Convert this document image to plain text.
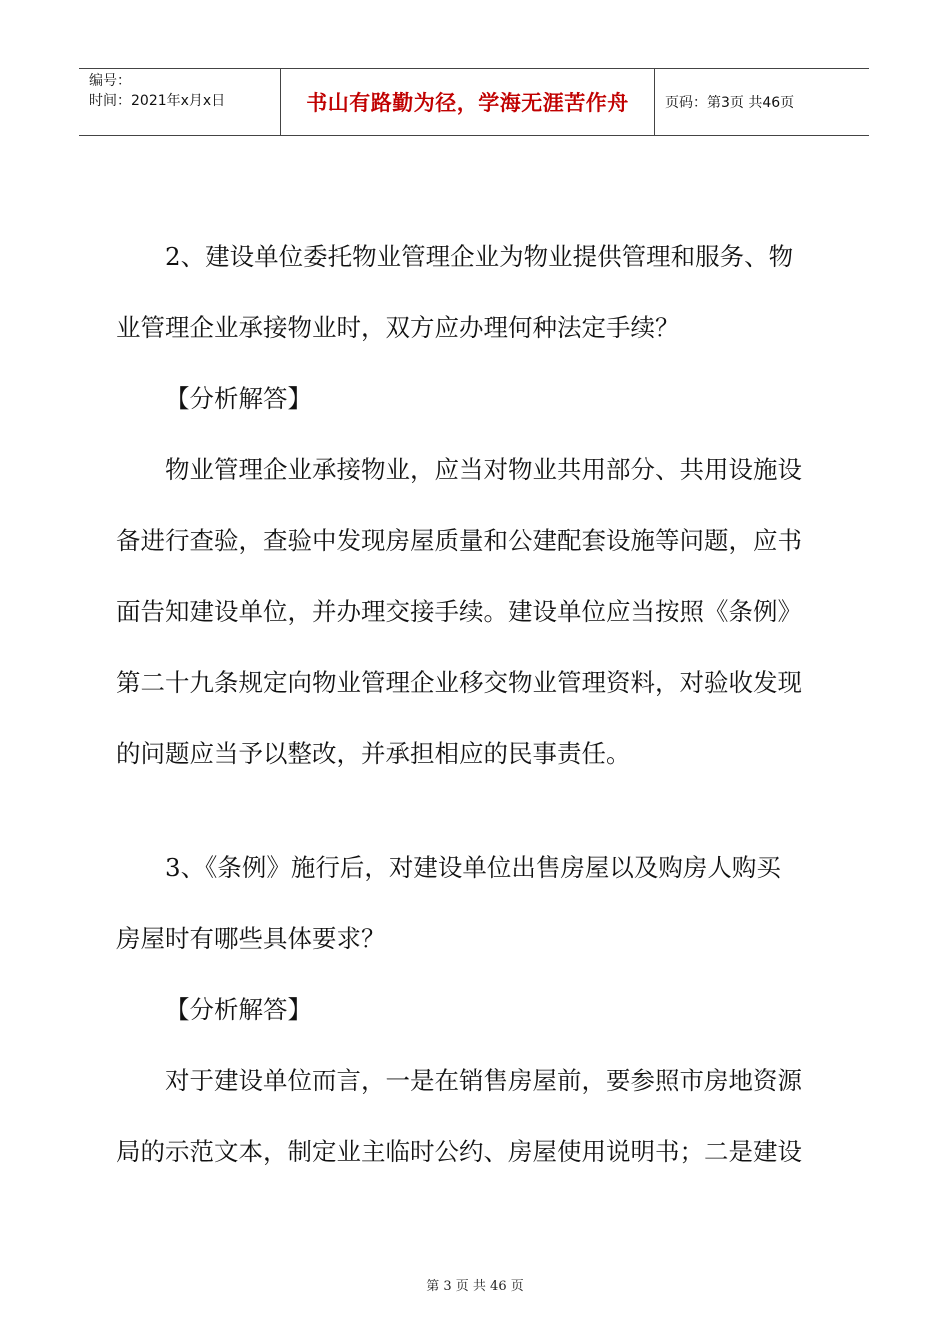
编号：
时间：2021年x月x日	书山有路勤为径，学海无涯苦作舟	页码：第3页 共46页
2、建设单位委托物业管理企业为物业提供管理和服务、物
业管理企业承接物业时，双方应办理何种法定手续？
【分析解答】
物业管理企业承接物业，应当对物业共用部分、共用设施设
备进行查验，查验中发现房屋质量和公建配套设施等问题，应书
面告知建设单位，并办理交接手续。建设单位应当按照《条例》
第二十九条规定向物业管理企业移交物业管理资料，对验收发现
的问题应当予以整改，并承担相应的民事责任。
3、《条例》施行后，对建设单位出售房屋以及购房人购买
房屋时有哪些具体要求？
【分析解答】
对于建设单位而言，一是在销售房屋前，要参照市房地资源
局的示范文本，制定业主临时公约、房屋使用说明书；二是建设
第 3 页 共 46 页
